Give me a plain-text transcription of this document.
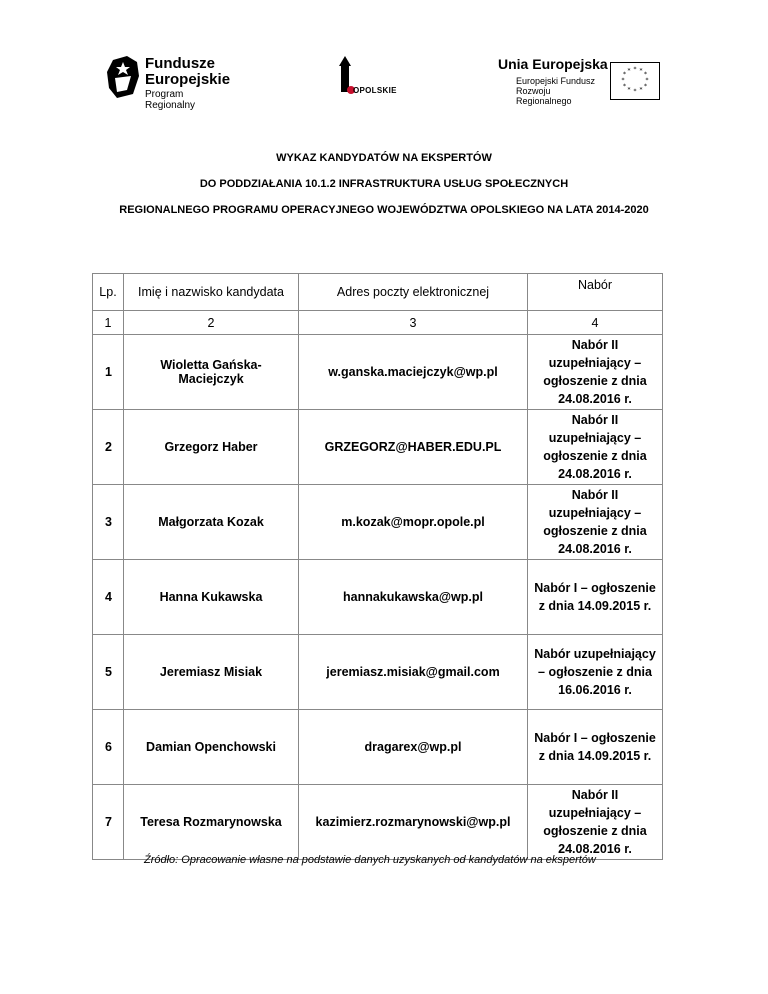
Fundusze
Europejskie
Program Regionalny
OPOLSKIE
Unia Europejska
Europejski Fundusz
Rozwoju Regionalnego
* * *
*
*
*
*
*
*
*
* *
WYKAZ KANDYDATÓW NA EKSPERTÓW
DO PODDZIAŁANIA 10.1.2 INFRASTRUKTURA USŁUG SPOŁECZNYCH
REGIONALNEGO PROGRAMU OPERACYJNEGO WOJEWÓDZTWA OPOLSKIEGO NA LATA 2014-2020
Lp.	Imię i nazwisko kandydata	Adres poczty elektronicznej	Nabór
1	2	3	4
1	Wioletta Gańska-Maciejczyk	w.ganska.maciejczyk@wp.pl	Nabór II uzupełniający – ogłoszenie z dnia 24.08.2016 r.
2	Grzegorz Haber	GRZEGORZ@HABER.EDU.PL	Nabór II uzupełniający – ogłoszenie z dnia 24.08.2016 r.
3	Małgorzata Kozak	m.kozak@mopr.opole.pl	Nabór II uzupełniający – ogłoszenie z dnia 24.08.2016 r.
4	Hanna Kukawska	hannakukawska@wp.pl	Nabór I – ogłoszenie z dnia 14.09.2015 r.
5	Jeremiasz Misiak	jeremiasz.misiak@gmail.com	Nabór uzupełniający – ogłoszenie z dnia 16.06.2016 r.
6	Damian Openchowski	dragarex@wp.pl	Nabór I – ogłoszenie z dnia 14.09.2015 r.
7	Teresa Rozmarynowska	kazimierz.rozmarynowski@wp.pl	Nabór II uzupełniający – ogłoszenie z dnia 24.08.2016 r.
Źródło: Opracowanie własne na podstawie danych uzyskanych od kandydatów na ekspertów
